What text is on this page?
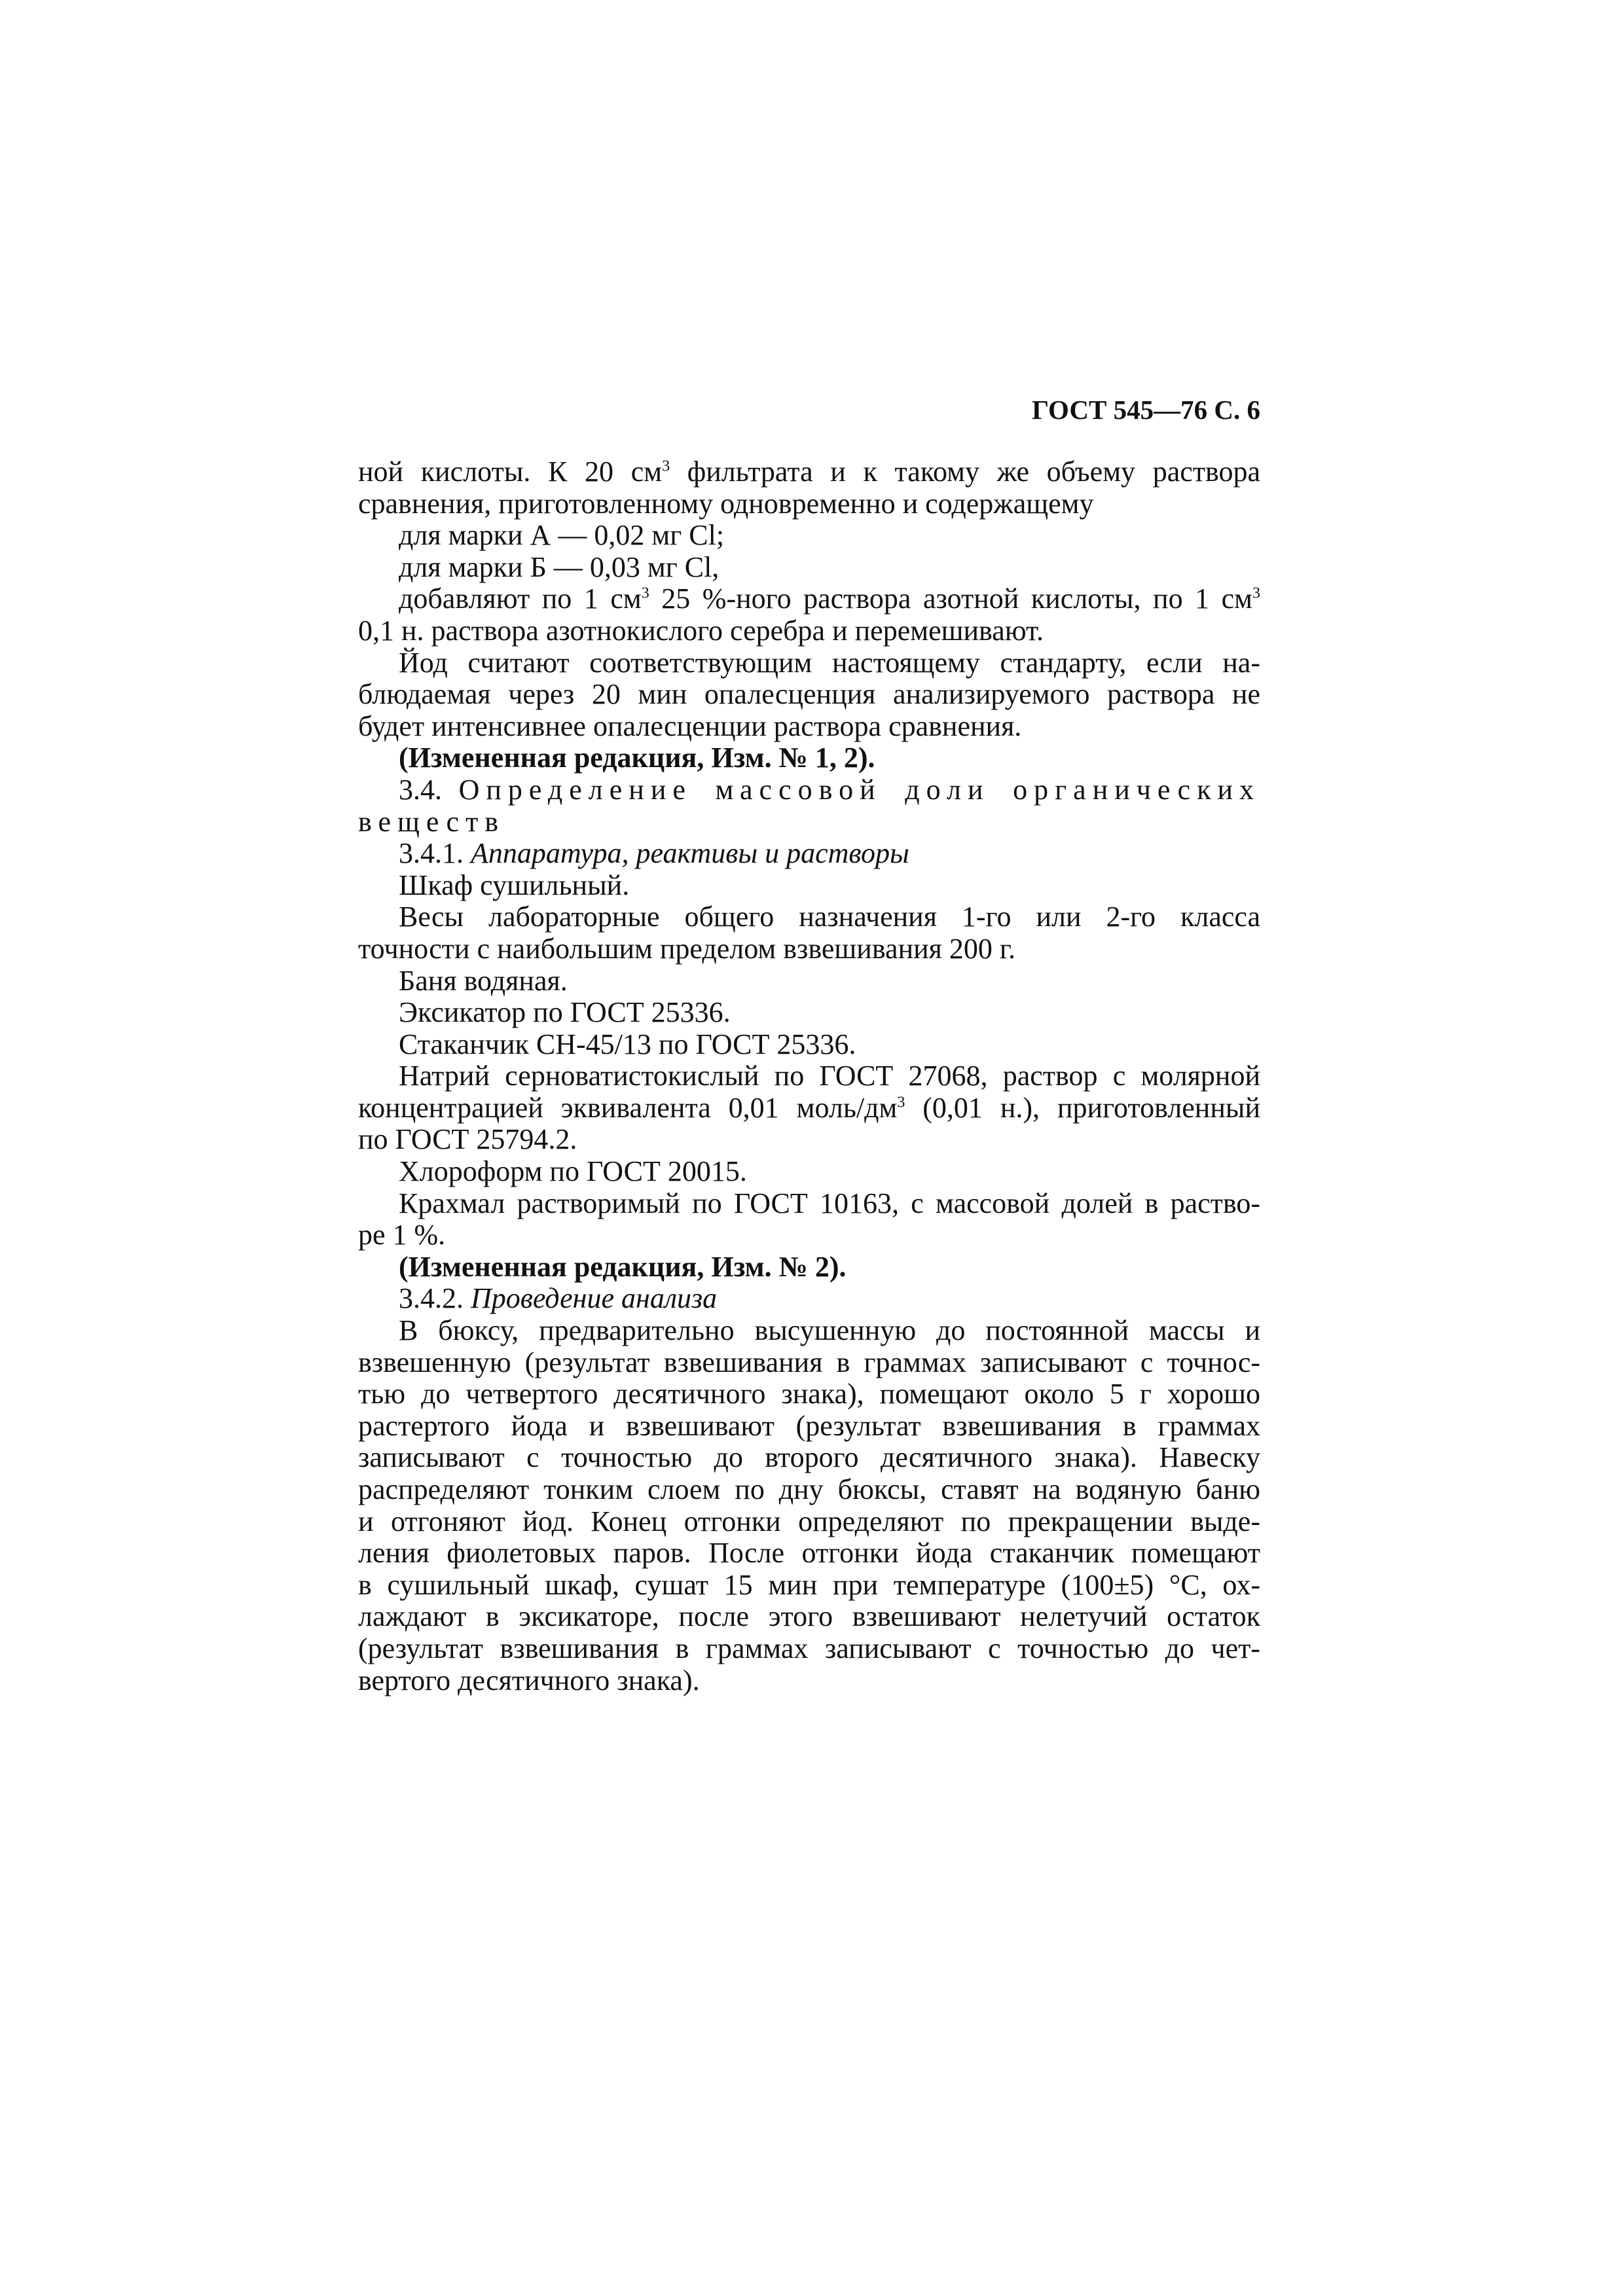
ГОСТ 545—76 С. 6
ной кислоты. К 20 $см^3$ фильтрата и к такому же объему раствора
сравнения, приготовленному одновременно и содержащему
для марки А — 0,02 мг Cl;
для марки Б — 0,03 мг Cl,
добавляют по 1 $см^3$ 25 %-ного раствора азотной кислоты, по 1 $см^3$
0,1 н. раствора азотнокислого серебра и перемешивают.
Йод считают соответствующим настоящему стандарту, если на-
блюдаемая через 20 мин опалесценция анализируемого раствора не
будет интенсивнее опалесценции раствора сравнения.
(Измененная редакция, Изм. № 1, 2).
3.4. Определение массовой доли органических
веществ
3.4.1. Аппаратура, реактивы и растворы
Шкаф сушильный.
Весы лабораторные общего назначения 1-го или 2-го класса
точности с наибольшим пределом взвешивания 200 г.
Баня водяная.
Эксикатор по ГОСТ 25336.
Стаканчик СН-45/13 по ГОСТ 25336.
Натрий серноватистокислый по ГОСТ 27068, раствор с молярной
концентрацией эквивалента 0,01 моль/$дм^3$ (0,01 н.), приготовленный
по ГОСТ 25794.2.
Хлороформ по ГОСТ 20015.
Крахмал растворимый по ГОСТ 10163, с массовой долей в раство-
ре 1 %.
(Измененная редакция, Изм. № 2).
3.4.2. Проведение анализа
В бюксу, предварительно высушенную до постоянной массы и
взвешенную (результат взвешивания в граммах записывают с точнос-
тью до четвертого десятичного знака), помещают около 5 г хорошо
растертого йода и взвешивают (результат взвешивания в граммах
записывают с точностью до второго десятичного знака). Навеску
распределяют тонким слоем по дну бюксы, ставят на водяную баню
и отгоняют йод. Конец отгонки определяют по прекращении выде-
ления фиолетовых паров. После отгонки йода стаканчик помещают
в сушильный шкаф, сушат 15 мин при температуре (100±5) °С, ох-
лаждают в эксикаторе, после этого взвешивают нелетучий остаток
(результат взвешивания в граммах записывают с точностью до чет-
вертого десятичного знака).
